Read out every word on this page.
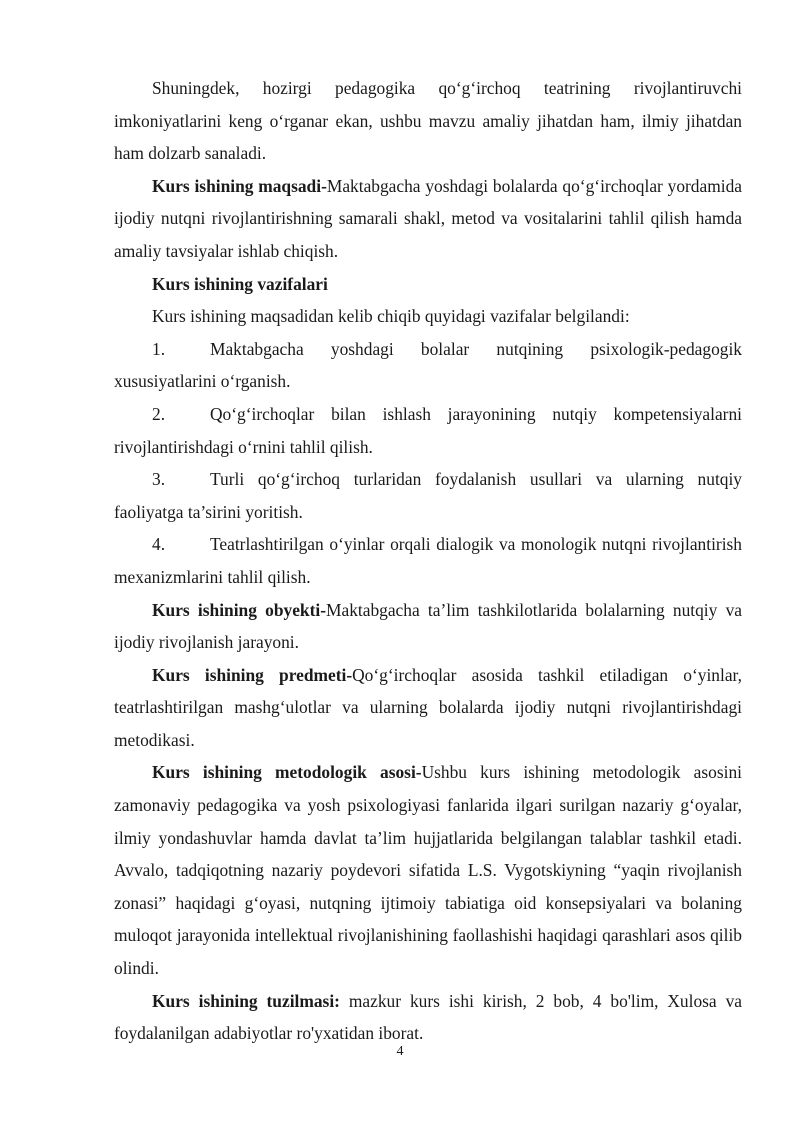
Shuningdek, hozirgi pedagogika qo‘g‘irchoq teatrining rivojlantiruvchi imkoniyatlarini keng o‘rganar ekan, ushbu mavzu amaliy jihatdan ham, ilmiy jihatdan ham dolzarb sanaladi.

Kurs ishining maqsadi-Maktabgacha yoshdagi bolalarda qo‘g‘irchoqlar yordamida ijodiy nutqni rivojlantirishning samarali shakl, metod va vositalarini tahlil qilish hamda amaliy tavsiyalar ishlab chiqish.

Kurs ishining vazifalari

Kurs ishining maqsadidan kelib chiqib quyidagi vazifalar belgilandi:

1.	Maktabgacha yoshdagi bolalar nutqining psixologik-pedagogik xususiyatlarini o‘rganish.

2.	Qo‘g‘irchoqlar bilan ishlash jarayonining nutqiy kompetensiyalarni rivojlantirishdagi o‘rnini tahlil qilish.

3.	Turli qo‘g‘irchoq turlaridan foydalanish usullari va ularning nutqiy faoliyatga ta’sirini yoritish.

4.	Teatrlashtirilgan o‘yinlar orqali dialogik va monologik nutqni rivojlantirish mexanizmlarini tahlil qilish.

Kurs ishining obyekti-Maktabgacha ta’lim tashkilotlarida bolalarning nutqiy va ijodiy rivojlanish jarayoni.

Kurs ishining predmeti-Qo‘g‘irchoqlar asosida tashkil etiladigan o‘yinlar, teatrlashtirilgan mashg‘ulotlar va ularning bolalarda ijodiy nutqni rivojlantirishdagi metodikasi.

Kurs ishining metodologik asosi-Ushbu kurs ishining metodologik asosini zamonaviy pedagogika va yosh psixologiyasi fanlarida ilgari surilgan nazariy g‘oyalar, ilmiy yondashuvlar hamda davlat ta’lim hujjatlarida belgilangan talablar tashkil etadi. Avvalo, tadqiqotning nazariy poydevori sifatida L.S. Vygotskiyning “yaqin rivojlanish zonasi” haqidagi g‘oyasi, nutqning ijtimoiy tabiatiga oid konsepsiyalari va bolaning muloqot jarayonida intellektual rivojlanishining faollashishi haqidagi qarashlari asos qilib olindi.

Kurs ishining tuzilmasi: mazkur kurs ishi kirish, 2 bob, 4 bo'lim, Xulosa va foydalanilgan adabiyotlar ro'yxatidan iborat.

4
